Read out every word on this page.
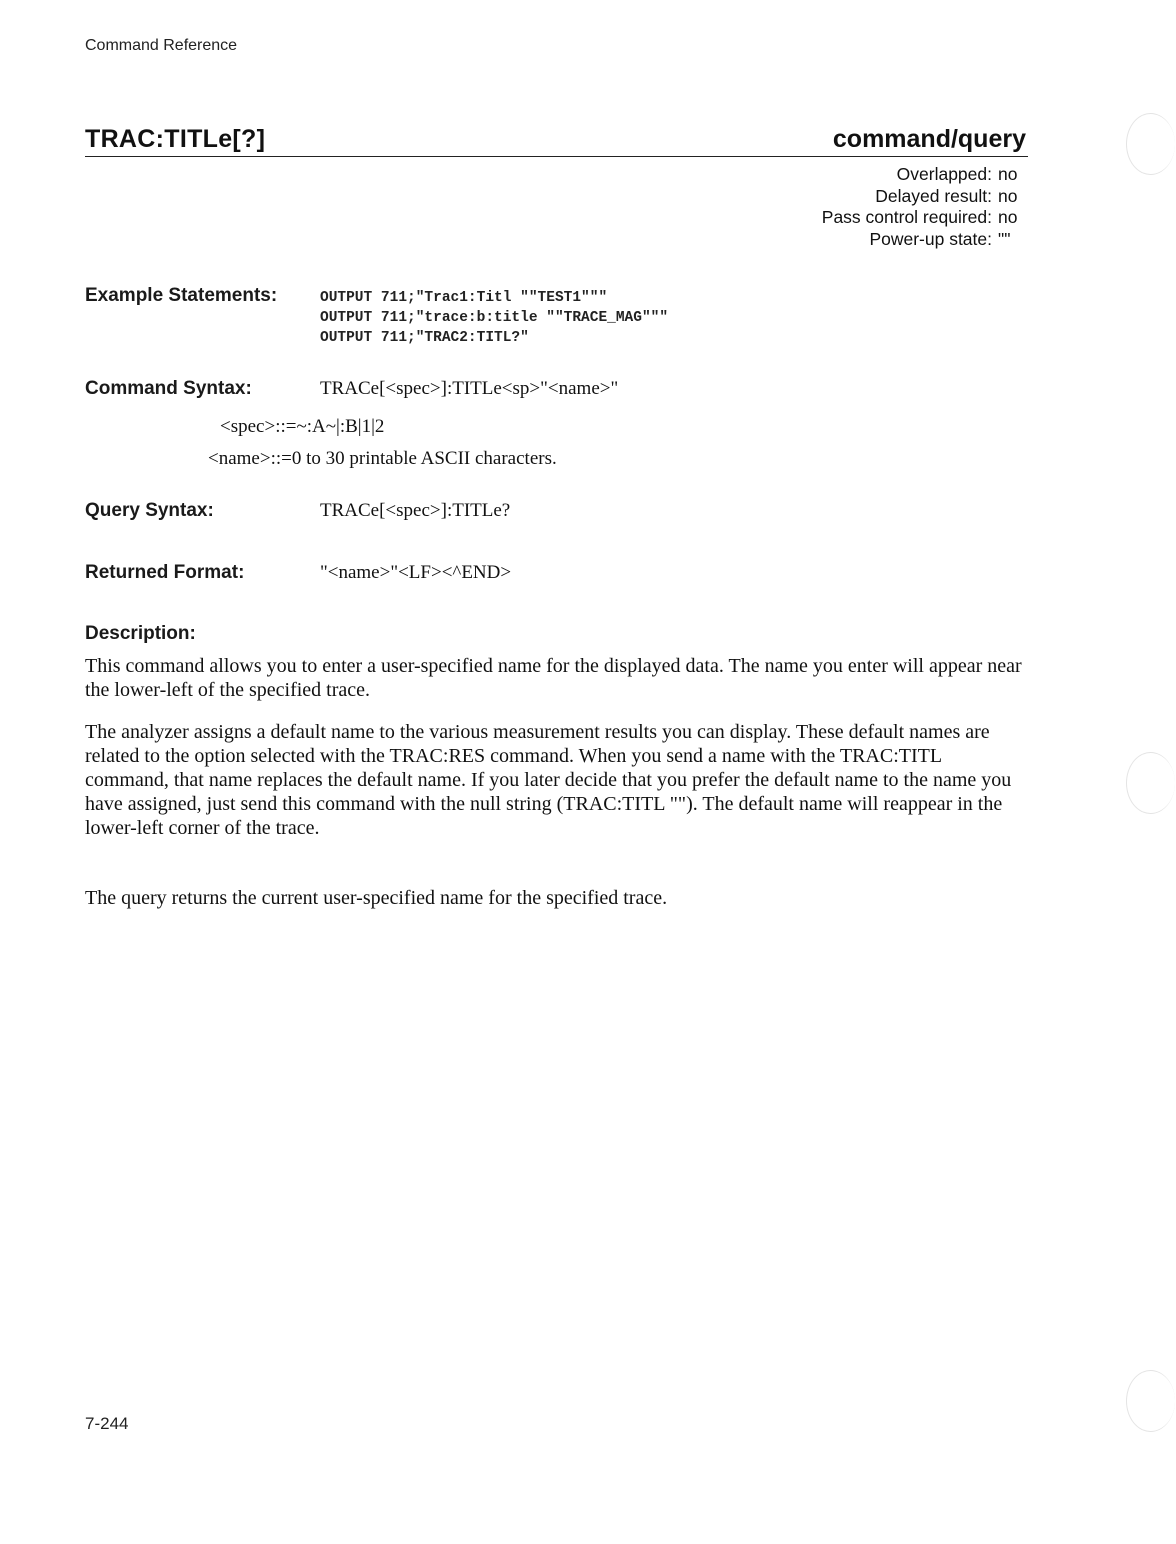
Command Reference
TRAC:TITLe[?]	command/query
Overlapped: no
Delayed result: no
Pass control required: no
Power-up state: ""
Example Statements:	OUTPUT 711;"Trac1:Titl ""TEST1"""
OUTPUT 711;"trace:b:title ""TRACE_MAG"""
OUTPUT 711;"TRAC2:TITL?"
Command Syntax:	TRACe[<spec>]:TITLe<sp>"<name>"
<spec>::=~:A~|:B|1|2
<name>::=0 to 30 printable ASCII characters.
Query Syntax:	TRACe[<spec>]:TITLe?
Returned Format:	"<name>"<LF><^END>
Description:

This command allows you to enter a user-specified name for the displayed data. The name you enter will appear near the lower-left of the specified trace.

The analyzer assigns a default name to the various measurement results you can display. These default names are related to the option selected with the TRAC:RES command. When you send a name with the TRAC:TITL command, that name replaces the default name. If you later decide that you prefer the default name to the name you have assigned, just send this command with the null string (TRAC:TITL ""). The default name will reappear in the lower-left corner of the trace.

The query returns the current user-specified name for the specified trace.

7-244
